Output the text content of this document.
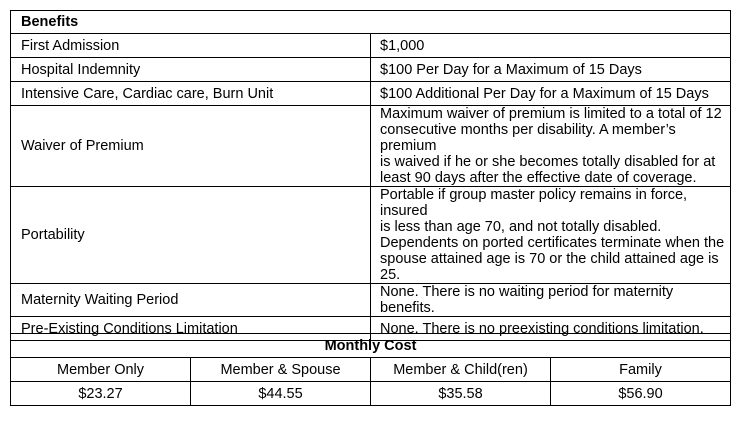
Benefits	
First Admission	$1,000
Hospital Indemnity	$100 Per Day for a Maximum of 15 Days
Intensive Care, Cardiac care, Burn Unit	$100 Additional Per Day for a Maximum of 15 Days
Waiver of Premium	Maximum waiver of premium is limited to a total of 12
consecutive months per disability. A member’s premium
is waived if he or she becomes totally disabled for at
least 90 days after the effective date of coverage.

Portability	Portable if group master policy remains in force, insured
is less than age 70, and not totally disabled.
Dependents on ported certificates terminate when the
spouse attained age is 70 or the child attained age is 25.

Maternity Waiting Period	None. There is no waiting period for maternity benefits.
Pre-Existing Conditions Limitation	None. There is no preexisting conditions limitation.
Monthly Cost			
Member Only	Member & Spouse	Member & Child(ren)	Family
$23.27	$44.55	$35.58	$56.90
